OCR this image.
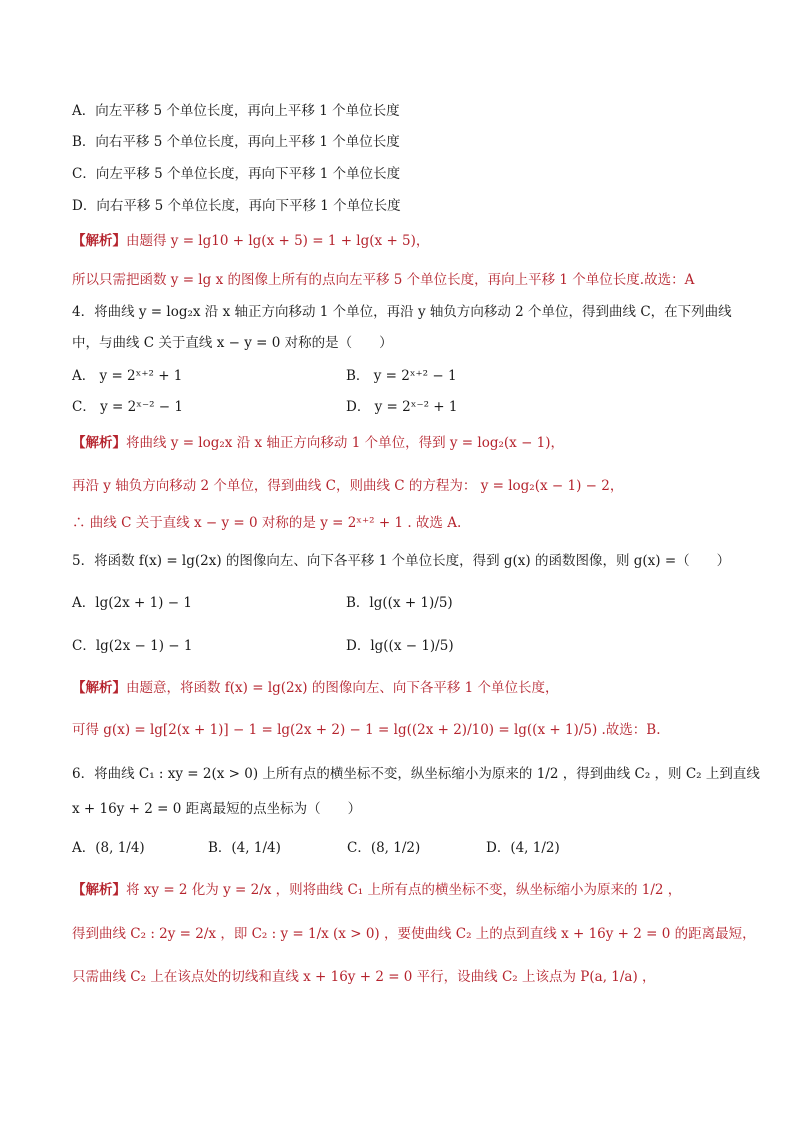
A．向左平移 5 个单位长度，再向上平移 1 个单位长度
B．向右平移 5 个单位长度，再向上平移 1 个单位长度
C．向左平移 5 个单位长度，再向下平移 1 个单位长度
D．向右平移 5 个单位长度，再向下平移 1 个单位长度
【解析】由题得 y = lg10 + lg(x + 5) = 1 + lg(x + 5)，
所以只需把函数 y = lg x 的图像上所有的点向左平移 5 个单位长度，再向上平移 1 个单位长度.故选：A
4．将曲线 y = log₂x 沿 x 轴正方向移动 1 个单位，再沿 y 轴负方向移动 2 个单位，得到曲线 C，在下列曲线
中，与曲线 C 关于直线 x − y = 0 对称的是（　　）
A． y = 2ˣ⁺² + 1	B． y = 2ˣ⁺² − 1
C． y = 2ˣ⁻² − 1	D． y = 2ˣ⁻² + 1
【解析】将曲线 y = log₂x 沿 x 轴正方向移动 1 个单位，得到 y = log₂(x − 1)，
再沿 y 轴负方向移动 2 个单位，得到曲线 C，则曲线 C 的方程为： y = log₂(x − 1) − 2，
∴ 曲线 C 关于直线 x − y = 0 对称的是 y = 2ˣ⁺² + 1 . 故选 A.
5．将函数 f(x) = lg(2x) 的图像向左、向下各平移 1 个单位长度，得到 g(x) 的函数图像，则 g(x) =（　　）
A．lg(2x + 1) − 1	B．lg((x + 1)/5)
C．lg(2x − 1) − 1	D．lg((x − 1)/5)
【解析】由题意，将函数 f(x) = lg(2x) 的图像向左、向下各平移 1 个单位长度，
可得 g(x) = lg[2(x + 1)] − 1 = lg(2x + 2) − 1 = lg((2x + 2)/10) = lg((x + 1)/5) .故选：B.
6．将曲线 C₁ : xy = 2(x > 0) 上所有点的横坐标不变，纵坐标缩小为原来的 1/2 ，得到曲线 C₂ ，则 C₂ 上到直线
x + 16y + 2 = 0 距离最短的点坐标为（　　）
A．(8, 1/4)	B．(4, 1/4)	C．(8, 1/2)	D．(4, 1/2)
【解析】将 xy = 2 化为 y = 2/x ，则将曲线 C₁ 上所有点的横坐标不变，纵坐标缩小为原来的 1/2 ，
得到曲线 C₂ : 2y = 2/x ，即 C₂ : y = 1/x (x > 0) ，要使曲线 C₂ 上的点到直线 x + 16y + 2 = 0 的距离最短，
只需曲线 C₂ 上在该点处的切线和直线 x + 16y + 2 = 0 平行，设曲线 C₂ 上该点为 P(a, 1/a) ，
